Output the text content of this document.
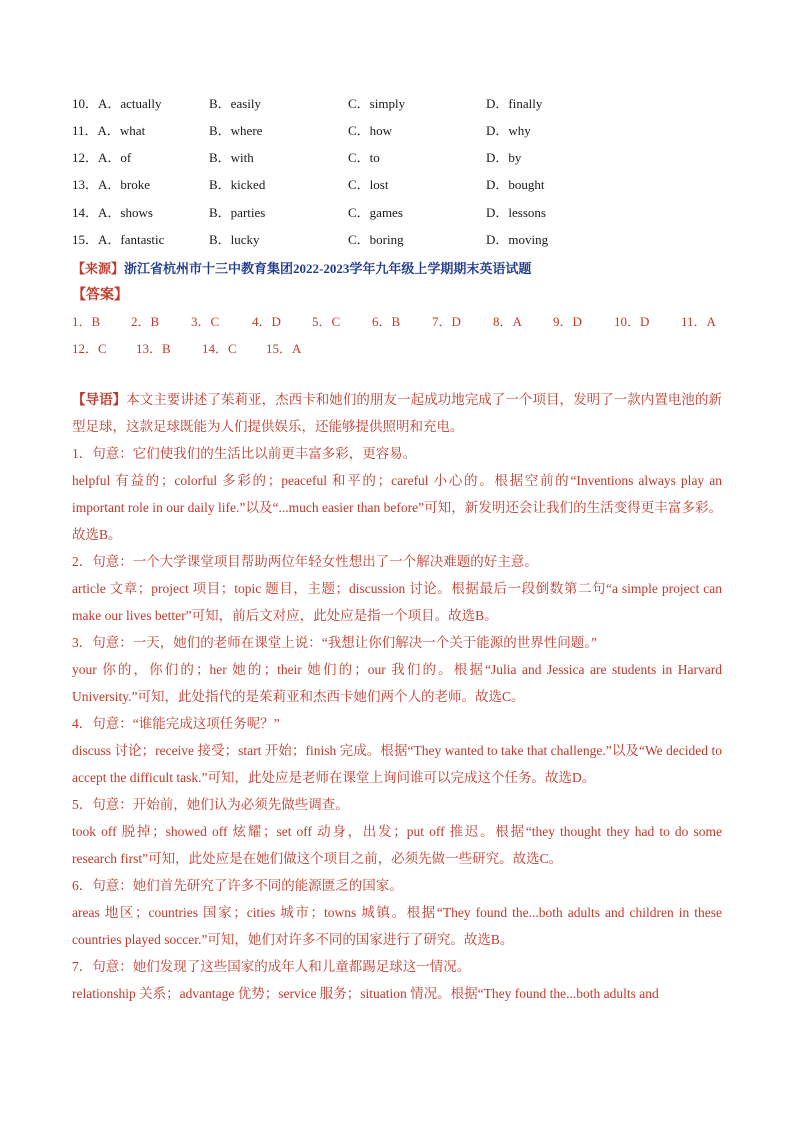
10．A．actually	B．easily	C．simply	D．finally
11．A．what	B．where	C．how	D．why
12．A．of	B．with	C．to	D．by
13．A．broke	B．kicked	C．lost	D．bought
14．A．shows	B．parties	C．games	D．lessons
15．A．fantastic	B．lucky	C．boring	D．moving
【来源】浙江省杭州市十三中教育集团2022-2023学年九年级上学期期末英语试题
【答案】
1．B 2．B 3．C	4．D 5．C 6．B 7．D 8．A 9．D 10．D 11．A
12．C 13．B 14．C 15．A

【导语】本文主要讲述了茱莉亚，杰西卡和她们的朋友一起成功地完成了一个项目，发明了一款内置电池的新型足球，这款足球既能为人们提供娱乐，还能够提供照明和充电。

1．句意：它们使我们的生活比以前更丰富多彩，更容易。

helpful 有益的；colorful 多彩的；peaceful 和平的；careful 小心的。根据空前的“Inventions always play an important role in our daily life.”以及“...much easier than before”可知，新发明还会让我们的生活变得更丰富多彩。故选B。

2．句意：一个大学课堂项目帮助两位年轻女性想出了一个解决难题的好主意。

article 文章；project 项目；topic 题目，主题；discussion 讨论。根据最后一段倒数第二句“a simple project can make our lives better”可知，前后文对应，此处应是指一个项目。故选B。

3．句意：一天，她们的老师在课堂上说：“我想让你们解决一个关于能源的世界性问题。”

your 你的，你们的；her 她的；their 她们的；our 我们的。根据“Julia and Jessica are students in Harvard University.”可知，此处指代的是茱莉亚和杰西卡她们两个人的老师。故选C。

4．句意：“谁能完成这项任务呢？”

discuss 讨论；receive 接受；start 开始；finish 完成。根据“They wanted to take that challenge.”以及“We decided to accept the difficult task.”可知，此处应是老师在课堂上询问谁可以完成这个任务。故选D。

5．句意：开始前，她们认为必须先做些调查。

took off 脱掉；showed off 炫耀；set off 动身，出发；put off 推迟。根据“they thought they had to do some research first”可知，此处应是在她们做这个项目之前，必须先做一些研究。故选C。

6．句意：她们首先研究了许多不同的能源匮乏的国家。

areas 地区；countries 国家；cities 城市；towns 城镇。根据“They found the...both adults and children in these countries played soccer.”可知，她们对许多不同的国家进行了研究。故选B。

7．句意：她们发现了这些国家的成年人和儿童都踢足球这一情况。

relationship 关系；advantage 优势；service 服务；situation 情况。根据“They found the...both adults and
